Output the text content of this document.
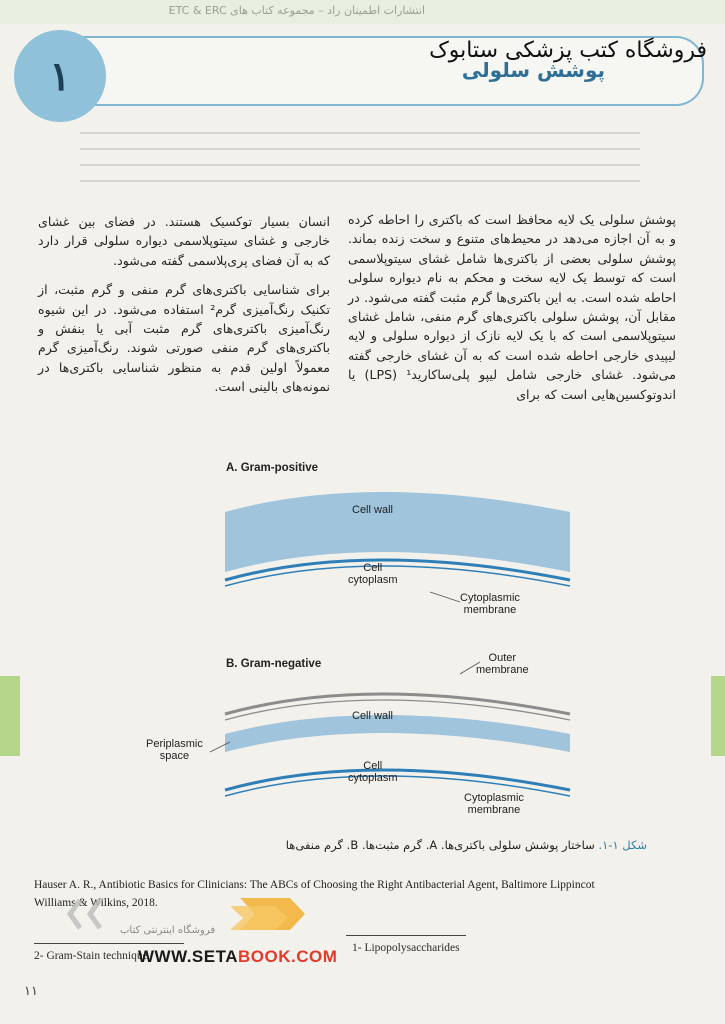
انتشارات اطمینان راد – مجموعه کتاب های ETC & ERC
۱	پوشش سلولی
فروشگاه کتب پزشکی ستابوک

پوشش سلولی یک لایه محافظ است که باکتری را احاطه کرده و به آن اجازه می‌دهد در محیط‌های متنوع و سخت زنده بماند. پوشش سلولی بعضی از باکتری‌ها شامل غشای سیتوپلاسمی است که توسط یک لایه سخت و محکم به نام دیواره سلولی احاطه شده است. به این باکتری‌ها گرم مثبت گفته می‌شود. در مقابل آن، پوشش سلولی باکتری‌های گرم منفی، شامل غشای سیتوپلاسمی است که با یک لایه نازک از دیواره سلولی و لایه لیپیدی خارجی احاطه شده است که به آن غشای خارجی گفته می‌شود. غشای خارجی شامل لیپو پلی‌ساکارید¹ (LPS) یا اندوتوکسین‌هایی است که برای

انسان بسیار توکسیک هستند. در فضای بین غشای خارجی و غشای سیتوپلاسمی دیواره سلولی قرار دارد که به آن فضای پری‌پلاسمی گفته می‌شود.

برای شناسایی باکتری‌های گرم منفی و گرم مثبت، از تکنیک رنگ‌آمیزی گرم² استفاده می‌شود. در این شیوه رنگ‌آمیزی باکتری‌های گرم مثبت آبی یا بنفش و باکتری‌های گرم منفی صورتی شوند. رنگ‌آمیزی گرم معمولاً اولین قدم به منظور شناسایی باکتری‌ها در نمونه‌های بالینی است.

A. Gram-positive
Cell wall
Cell
cytoplasm
Cytoplasmic
membrane
B. Gram-negative	Outer
membrane
Cell wall
Periplasmic
space
Cell
cytoplasm
Cytoplasmic
membrane
شکل ۱-۱. ساختار پوشش سلولی باکتری‌ها. A. گرم مثبت‌ها. B. گرم منفی‌ها
Hauser A. R., Antibiotic Basics for Clinicians: The ABCs of Choosing the Right Antibacterial Agent, Baltimore Lippincot
Williams & Wilkins, 2018.
2- Gram-Stain technique
1- Lipopolysaccharides
فروشگاه اینترنتی کتاب
WWW.SETABOOK.COM
۱۱
